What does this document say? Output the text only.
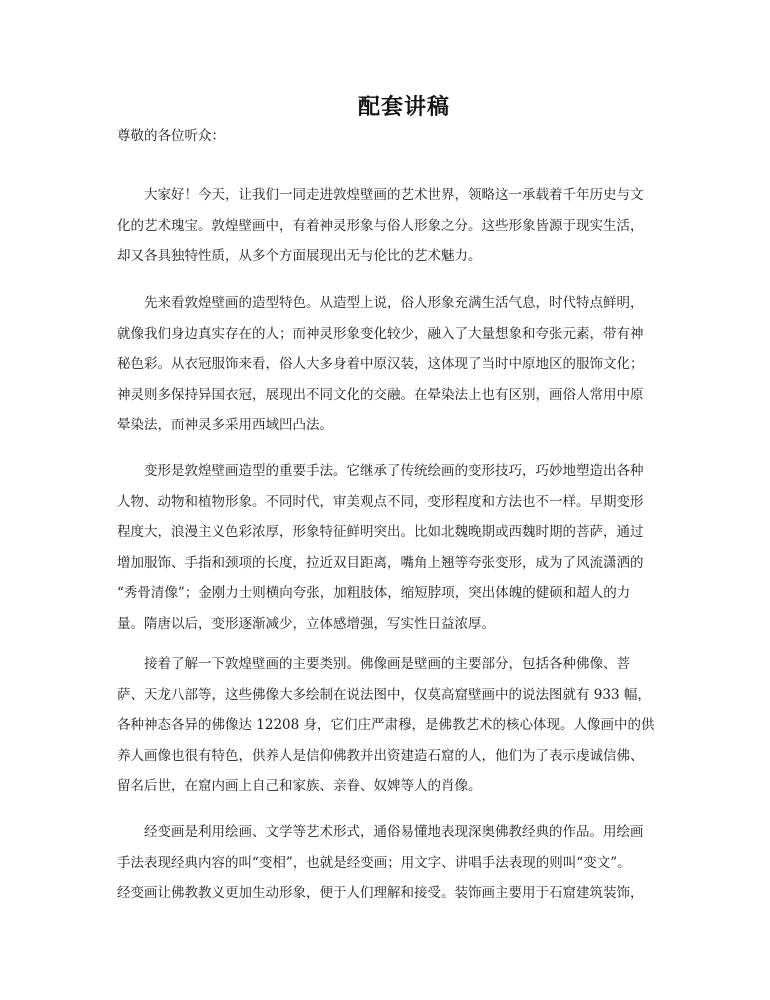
配套讲稿
尊敬的各位听众：
大家好！今天，让我们一同走进敦煌壁画的艺术世界，领略这一承载着千年历史与文
化的艺术瑰宝。敦煌壁画中，有着神灵形象与俗人形象之分。这些形象皆源于现实生活，
却又各具独特性质，从多个方面展现出无与伦比的艺术魅力。
先来看敦煌壁画的造型特色。从造型上说，俗人形象充满生活气息，时代特点鲜明，
就像我们身边真实存在的人；而神灵形象变化较少，融入了大量想象和夸张元素，带有神
秘色彩。从衣冠服饰来看，俗人大多身着中原汉装，这体现了当时中原地区的服饰文化；
神灵则多保持异国衣冠，展现出不同文化的交融。在晕染法上也有区别，画俗人常用中原
晕染法，而神灵多采用西域凹凸法。
变形是敦煌壁画造型的重要手法。它继承了传统绘画的变形技巧，巧妙地塑造出各种
人物、动物和植物形象。不同时代，审美观点不同，变形程度和方法也不一样。早期变形
程度大，浪漫主义色彩浓厚，形象特征鲜明突出。比如北魏晚期或西魏时期的菩萨，通过
增加服饰、手指和颈项的长度，拉近双目距离，嘴角上翘等夸张变形，成为了风流潇洒的
“秀骨清像”；金刚力士则横向夸张，加粗肢体，缩短脖项，突出体魄的健硕和超人的力
量。隋唐以后，变形逐渐减少，立体感增强，写实性日益浓厚。
接着了解一下敦煌壁画的主要类别。佛像画是壁画的主要部分，包括各种佛像、菩
萨、天龙八部等，这些佛像大多绘制在说法图中，仅莫高窟壁画中的说法图就有 933 幅，
各种神态各异的佛像达 12208 身，它们庄严肃穆，是佛教艺术的核心体现。人像画中的供
养人画像也很有特色，供养人是信仰佛教并出资建造石窟的人，他们为了表示虔诚信佛、
留名后世，在窟内画上自己和家族、亲眷、奴婢等人的肖像。
经变画是利用绘画、文学等艺术形式，通俗易懂地表现深奥佛教经典的作品。用绘画
手法表现经典内容的叫“变相”，也就是经变画；用文字、讲唱手法表现的则叫“变文”。
经变画让佛教教义更加生动形象，便于人们理解和接受。装饰画主要用于石窟建筑装饰，
